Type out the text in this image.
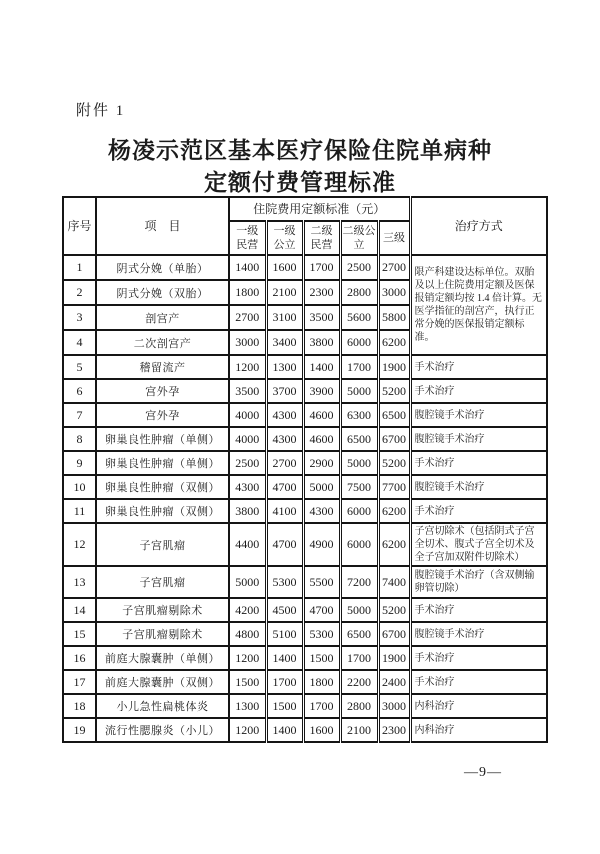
附件 1
杨凌示范区基本医疗保险住院单病种
定额付费管理标准
序号	项　目	住院费用定额标准（元）					治疗方式
		一级民营	一级公立	二级民营	二级公立	三级	
1	阴式分娩（单胎）	1400	1600	1700	2500	2700	限产科建设达标单位。双胎及以上住院费用定额及医保报销定额均按 1.4 倍计算。无医学指征的剖宫产，执行正常分娩的医保报销定额标准。
2	阴式分娩（双胎）	1800	2100	2300	2800	3000	
3	剖宫产	2700	3100	3500	5600	5800	
4	二次剖宫产	3000	3400	3800	6000	6200	
5	稽留流产	1200	1300	1400	1700	1900	手术治疗
6	宫外孕	3500	3700	3900	5000	5200	手术治疗
7	宫外孕	4000	4300	4600	6300	6500	腹腔镜手术治疗
8	卵巢良性肿瘤（单侧）	4000	4300	4600	6500	6700	腹腔镜手术治疗
9	卵巢良性肿瘤（单侧）	2500	2700	2900	5000	5200	手术治疗
10	卵巢良性肿瘤（双侧）	4300	4700	5000	7500	7700	腹腔镜手术治疗
11	卵巢良性肿瘤（双侧）	3800	4100	4300	6000	6200	手术治疗
12	子宫肌瘤	4400	4700	4900	6000	6200	子宫切除术（包括阴式子宫全切术、腹式子宫全切术及全子宫加双附件切除术）
13	子宫肌瘤	5000	5300	5500	7200	7400	腹腔镜手术治疗（含双侧输卵管切除）
14	子宫肌瘤剔除术	4200	4500	4700	5000	5200	手术治疗
15	子宫肌瘤剔除术	4800	5100	5300	6500	6700	腹腔镜手术治疗
16	前庭大腺囊肿（单侧）	1200	1400	1500	1700	1900	手术治疗
17	前庭大腺囊肿（双侧）	1500	1700	1800	2200	2400	手术治疗
18	小儿急性扁桃体炎	1300	1500	1700	2800	3000	内科治疗
19	流行性腮腺炎（小儿）	1200	1400	1600	2100	2300	内科治疗
—9—
